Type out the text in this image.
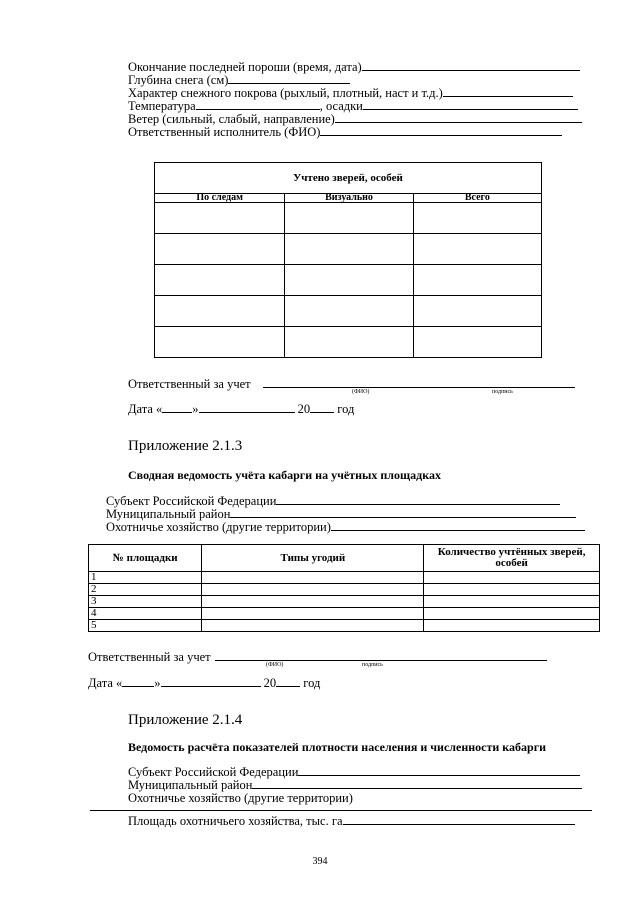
Окончание последней пороши (время, дата)
Глубина снега (см)
Характер снежного покрова (рыхлый, плотный, наст и т.д.)
Температура	, осадки
Ветер (сильный, слабый, направление)
Ответственный исполнитель (ФИО)
Учтено зверей, особей		
По следам	Визуально	Всего

Ответственный за учет
(ФИО)	подпись
Дата « »	20 год
Приложение 2.1.3
Сводная ведомость учёта кабарги на учётных площадках
Субъект Российской Федерации
Муниципальный район
Охотничье хозяйство (другие территории)
№ площадки	Типы угодий	Количество учтённых зверей, особей
1		
2		
3		
4		
5		
Ответственный за учет
(ФИО)	подпись
Дата «	»	20 год
Приложение 2.1.4
Ведомость расчёта показателей плотности населения и численности кабарги
Субъект Российской Федерации
Муниципальный район
Охотничье хозяйство (другие территории)
Площадь охотничьего хозяйства, тыс. га
394
